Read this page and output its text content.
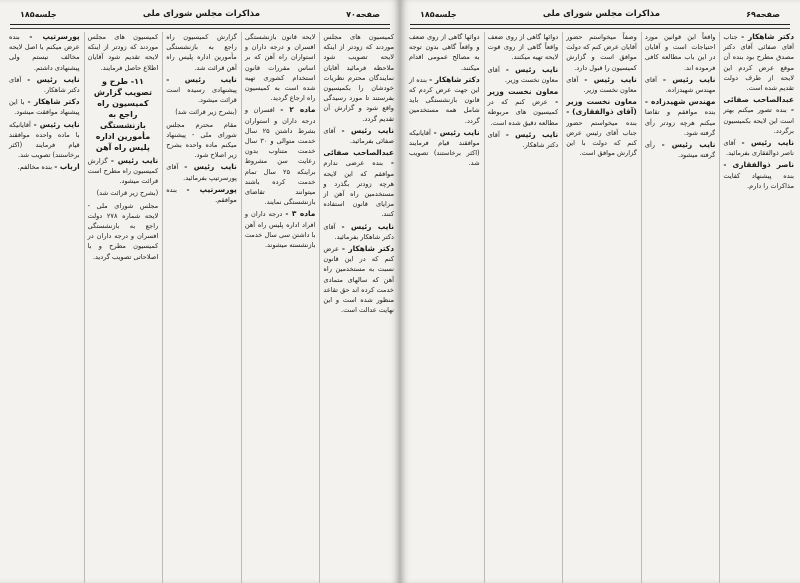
صفحه۷۰
مذاکرات مجلس شورای ملی
جلسه۱۸۵

کمیسیون های مجلس موردند که زودتر از اینکه لایحه تصویب شود ملاحظه فرمائید آقایان نمایندگان محترم نظریات خودشان را بکمیسیون بفرستند تا مورد رسیدگی واقع شود و گزارش آن تقدیم گردد.

نایب رئیس - آقای صفائی بفرمائید.

عبدالصاحب صفائی - بنده عرضی ندارم موافقم که این لایحه هرچه زودتر بگذرد و مستخدمین راه آهن از مزایای قانون استفاده کنند.

نایب رئیس - آقای دکتر شاهکار بفرمائید.

دکتر شاهکار - عرض کنم که در این قانون نسبت به مستخدمین راه آهن که سالهای متمادی خدمت کرده اند حق تقاعد منظور شده است و این نهایت عدالت است.

لایحه قانون بازنشستگی افسران و درجه داران و استواران راه آهن که بر اساس مقررات قانون استخدام کشوری تهیه شده است به کمیسیون راه ارجاع گردید.

ماده ۲ - افسران و درجه داران و استواران بشرط داشتن ۲۵ سال خدمت متوالی و ۳۰ سال خدمت متناوب بدون رعایت سن مشروط براینکه ۲۵ سال تمام خدمت کرده باشند میتوانند تقاضای بازنشستگی نمایند.

ماده ۳ - درجه داران و افراد اداره پلیس راه آهن با داشتن سی سال خدمت بازنشسته میشوند.

گزارش کمیسیون راه راجع به بازنشستگی مأمورین اداره پلیس راه آهن قرائت شد.

نایب رئیس - پیشنهادی رسیده است قرائت میشود.

(بشرح زیر قرائت شد)

مقام محترم مجلس شورای ملی - پیشنهاد میکنم ماده واحده بشرح زیر اصلاح شود.

نایب رئیس - آقای پورسرتیپ بفرمائید.

پورسرتیپ - بنده موافقم.

کمیسیون های مجلس موردند که زودتر از اینکه لایحه تقدیم شود آقایان اطلاع حاصل فرمایند.

۱۱- طرح و تصویب گزارش کمیسیون راه راجع به بازنشستگی مأمورین اداره پلیس راه آهن

نایب رئیس - گزارش کمیسیون راه مطرح است قرائت میشود.

(بشرح زیر قرائت شد)

مجلس شورای ملی - لایحه شماره ۲۷۸ دولت راجع به بازنشستگی افسران و درجه داران در کمیسیون مطرح و با اصلاحاتی تصویب گردید.

پورسرتیپ - بنده عرض میکنم با اصل لایحه مخالف نیستم ولی پیشنهادی داشتم.

نایب رئیس - آقای دکتر شاهکار.

دکتر شاهکار - با این پیشنهاد موافقت میشود.

نایب رئیس - آقایانیکه با ماده واحده موافقند قیام فرمایند (اکثر برخاستند) تصویب شد.

ارباب - بنده مخالفم.

صفحه۶۹
مذاکرات مجلس شورای ملی
جلسه۱۸۵

دکتر شاهکار - جناب آقای صفائی آقای دکتر مصدق مطرح بود بنده آن موقع عرض کردم این لایحه از طرف دولت تقدیم شده است.

عبدالصاحب صفائی - بنده تصور میکنم بهتر است این لایحه بکمیسیون برگردد.

نایب رئیس - آقای ناصر ذوالفقاری بفرمائید.

ناصر ذوالفقاری - بنده پیشنهاد کفایت مذاکرات را دارم.

واقعاً این قوانین مورد احتیاجات است و آقایان در این باب مطالعه کافی فرموده اند.

نایب رئیس - آقای مهندس شهیدزاده.

مهندس شهیدزاده - بنده موافقم و تقاضا میکنم هرچه زودتر رأی گرفته شود.

نایب رئیس - رأی گرفته میشود.

وصفاً میخواستم حضور آقایان عرض کنم که دولت موافق است و گزارش کمیسیون را قبول دارد.

نایب رئیس - آقای معاون نخست وزیر.

معاون نخست وزیر (آقای ذوالفقاری) - بنده میخواستم حضور جناب آقای رئیس عرض کنم که دولت با این گزارش موافق است.

دوائها گاهی از روی ضعف واقعاً گاهی از روی قوت لایحه تهیه میکنند.

نایب رئیس - آقای معاون نخست وزیر.

معاون نخست وزیر - عرض کنم که در کمیسیون های مربوطه مطالعه دقیق شده است.

نایب رئیس - آقای دکتر شاهکار.

دوائها گاهی از روی ضعف و واقعاً گاهی بدون توجه به مصالح عمومی اقدام میکنند.

دکتر شاهکار - بنده از این جهت عرض کردم که قانون بازنشستگی باید شامل همه مستخدمین گردد.

نایب رئیس - آقایانیکه موافقند قیام فرمایند (اکثر برخاستند) تصویب شد.
